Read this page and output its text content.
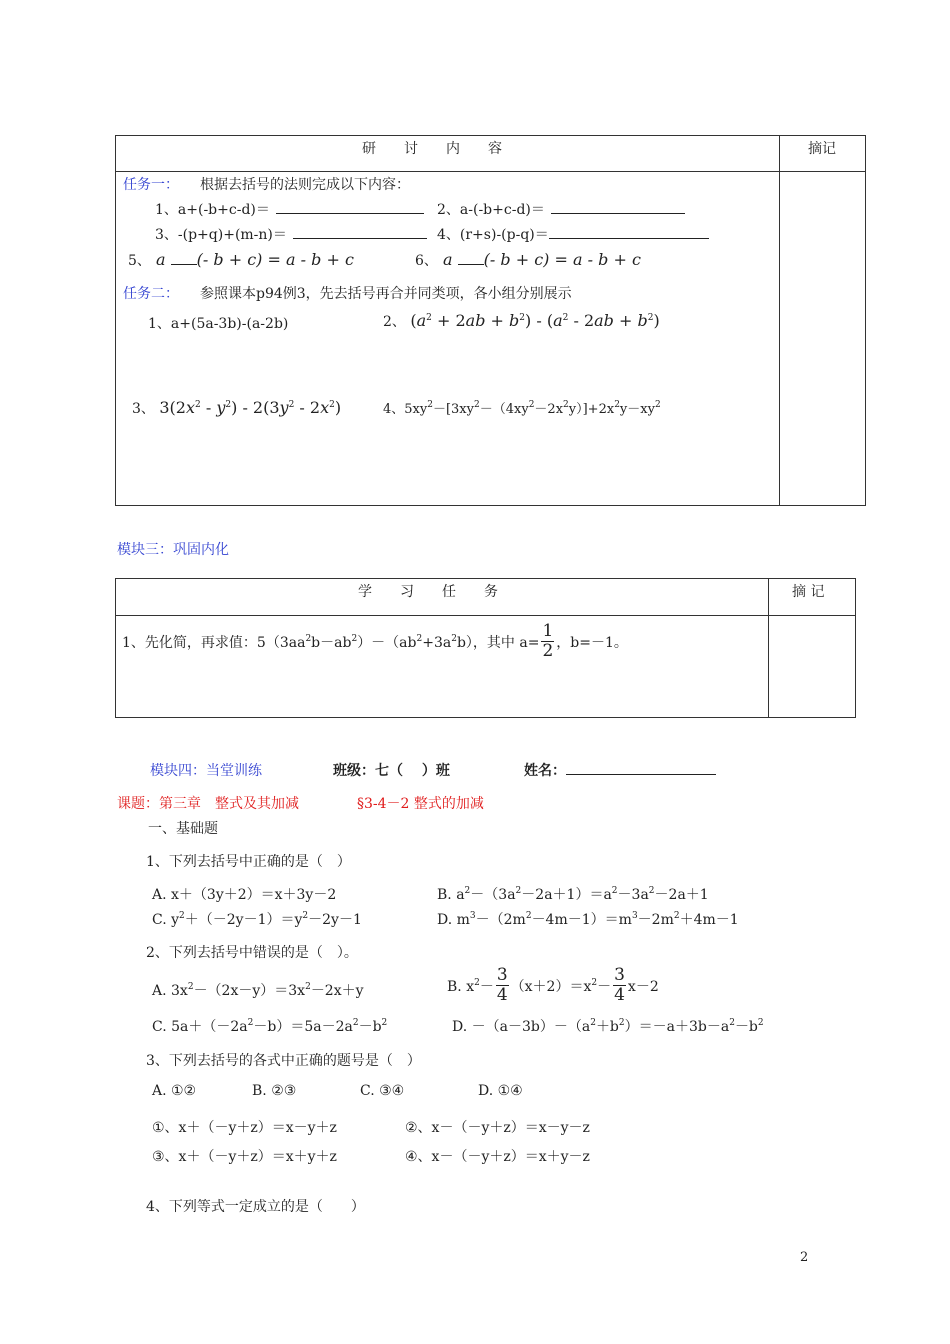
研　　讨　　内　　容	摘记
任务一： 根据去括号的法则完成以下内容：
1、a+(-b+c-d)＝	2、a-(-b+c-d)＝
3、-(p+q)+(m-n)＝	4、(r+s)-(p-q)＝
5、 a (- b + c) = a - b + c	6、 a (- b + c) = a - b + c
任务二： 参照课本p94例3，先去括号再合并同类项，各小组分别展示
1、a+(5a-3b)-(a-2b)	2、 $(a^2 + 2ab + b^2) - (a^2 - 2ab + b^2)$
3、 $3(2x^2 - y^2) - 2(3y^2 - 2x^2)$	4、$5xy^2-[3xy^2-(4xy^2-2x^2y)]+2x^2y-xy^2$
模块三：巩固内化
学　　习　　任　　务	摘 记
1、先化简，再求值：5（3a $a^2b-ab^2)-(ab^2+3a^2b)$，其中 $a= \frac{1}{2}$ ，b=－1。
模块四：当堂训练	班级：七（　 ）班	姓名：
课题：第三章　整式及其加减	§3-4－2 整式的加减
一、基础题
1、下列去括号中正确的是（　）
A. x＋（3y＋2）＝x＋3y－2	B. $a^2-(3a^2-2a+1)=a^2-3a^2-2a+1$
C. $y^2+(-2y-1)=y^2-2y-1$	D. $m^3-(2m^2-4m-1)=m^3-2m^2+4m-1$
2、下列去括号中错误的是（　）。
A. $3x^2-(2x-y)=3x^2-2x+y$	B. $x^2- \frac{3}{4} (x+2)=x^2- \frac{3}{4} x-2$
C. $5a+(-2a^2-b)=5a-2a^2-b^2$	D. $-(a-3b)-(a^2+b^2)=-a+3b-a^2-b^2$
3、下列去括号的各式中正确的题号是（　）
A. ①②	B. ②③	C. ③④	D. ①④
①、x＋（－y＋z）＝x－y＋z	②、x－（－y＋z）＝x－y－z
③、x＋（－y＋z）＝x＋y＋z	④、x－（－y＋z）＝x＋y－z
4、下列等式一定成立的是（　　）
2
